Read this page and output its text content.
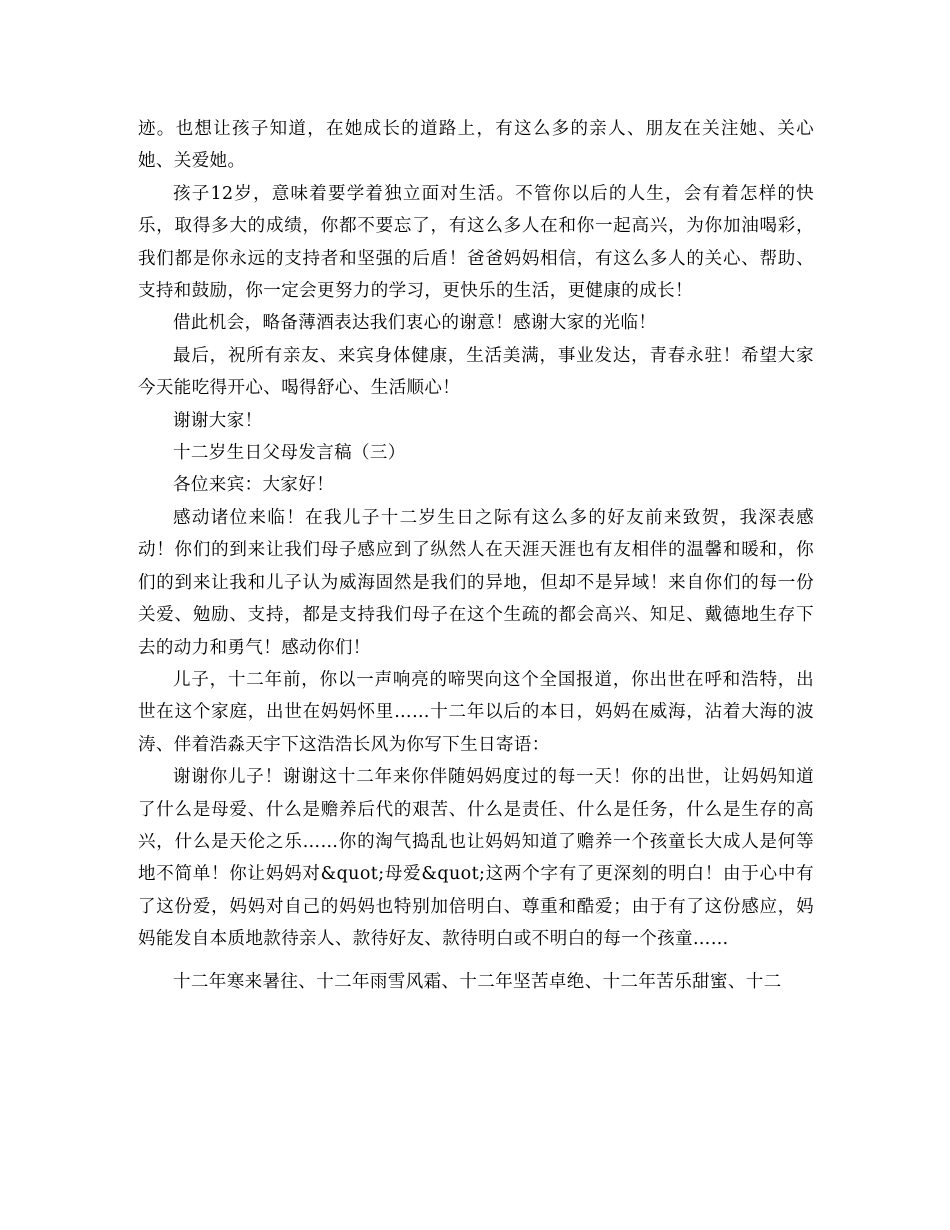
迹。也想让孩子知道，在她成长的道路上，有这么多的亲人、朋友在关注她、关心她、关爱她。

孩子12岁，意味着要学着独立面对生活。不管你以后的人生，会有着怎样的快乐，取得多大的成绩，你都不要忘了，有这么多人在和你一起高兴，为你加油喝彩，我们都是你永远的支持者和坚强的后盾！爸爸妈妈相信，有这么多人的关心、帮助、支持和鼓励，你一定会更努力的学习，更快乐的生活，更健康的成长！

借此机会，略备薄酒表达我们衷心的谢意！感谢大家的光临！

最后，祝所有亲友、来宾身体健康，生活美满，事业发达，青春永驻！希望大家今天能吃得开心、喝得舒心、生活顺心！

谢谢大家！

十二岁生日父母发言稿（三）

各位来宾：大家好！

感动诸位来临！在我儿子十二岁生日之际有这么多的好友前来致贺，我深表感动！你们的到来让我们母子感应到了纵然人在天涯天涯也有友相伴的温馨和暖和，你们的到来让我和儿子认为威海固然是我们的异地，但却不是异域！来自你们的每一份关爱、勉励、支持，都是支持我们母子在这个生疏的都会高兴、知足、戴德地生存下去的动力和勇气！感动你们！

儿子，十二年前，你以一声响亮的啼哭向这个全国报道，你出世在呼和浩特，出世在这个家庭，出世在妈妈怀里……十二年以后的本日，妈妈在威海，沾着大海的波涛、伴着浩淼天宇下这浩浩长风为你写下生日寄语：

谢谢你儿子！谢谢这十二年来你伴随妈妈度过的每一天！你的出世，让妈妈知道了什么是母爱、什么是赡养后代的艰苦、什么是责任、什么是任务，什么是生存的高兴，什么是天伦之乐……你的淘气捣乱也让妈妈知道了赡养一个孩童长大成人是何等地不简单！你让妈妈对&quot;母爱&quot;这两个字有了更深刻的明白！由于心中有了这份爱，妈妈对自己的妈妈也特别加倍明白、尊重和酷爱；由于有了这份感应，妈妈能发自本质地款待亲人、款待好友、款待明白或不明白的每一个孩童……

十二年寒来暑往、十二年雨雪风霜、十二年坚苦卓绝、十二年苦乐甜蜜、十二
